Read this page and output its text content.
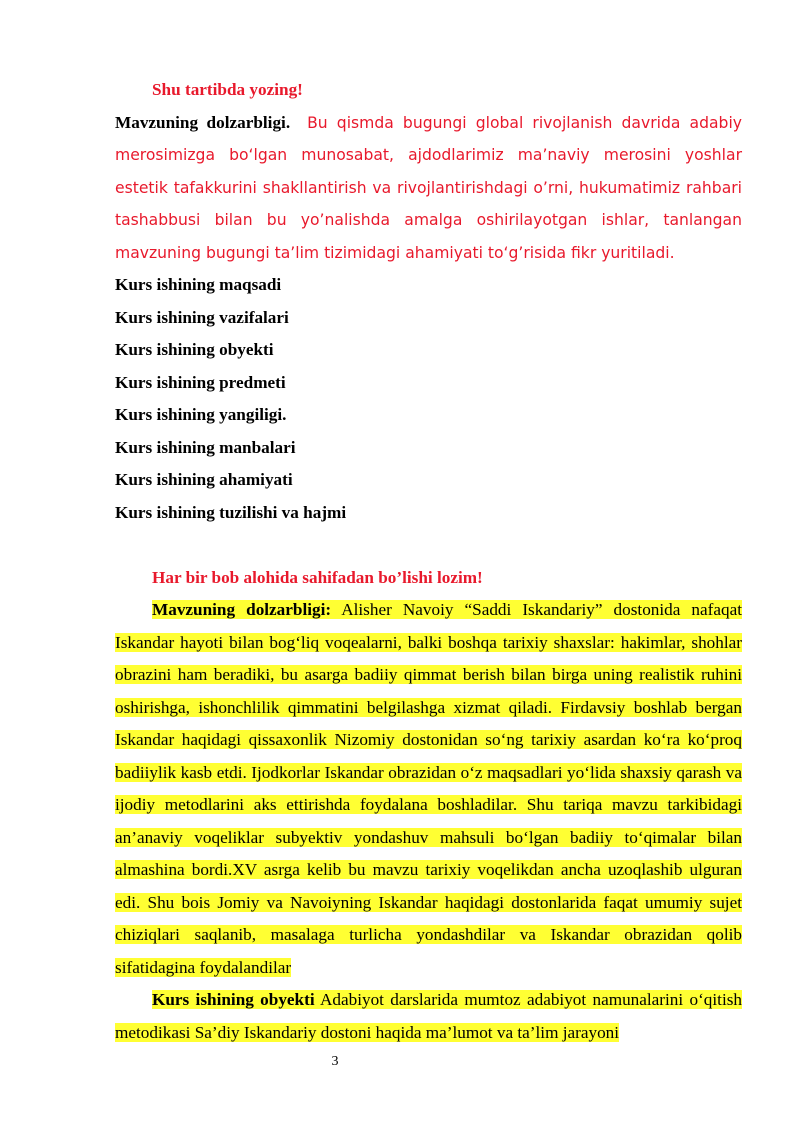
Shu tartibda yozing!

Mavzuning dolzarbligi. Bu qismda bugungi global rivojlanish davrida adabiy merosimizga bo‘lgan munosabat, ajdodlarimiz ma’naviy merosini yoshlar estetik tafakkurini shakllantirish va rivojlantirishdagi o’rni, hukumatimiz rahbari tashabbusi bilan bu yo’nalishda amalga oshirilayotgan ishlar, tanlangan mavzuning bugungi ta’lim tizimidagi ahamiyati to‘g’risida fikr yuritiladi.

Kurs ishining maqsadi

Kurs ishining vazifalari

Kurs ishining obyekti

Kurs ishining predmeti

Kurs ishining yangiligi.

Kurs ishining manbalari

Kurs ishining ahamiyati

Kurs ishining tuzilishi va hajmi

Har bir bob alohida sahifadan bo’lishi lozim!

Mavzuning dolzarbligi: Alisher Navoiy “Saddi Iskandariy” dostonida nafaqat Iskandar hayoti bilan bog‘liq voqealarni, balki boshqa tarixiy shaxslar: hakimlar, shohlar obrazini ham beradiki, bu asarga badiiy qimmat berish bilan birga uning realistik ruhini oshirishga, ishonchlilik qimmatini belgilashga xizmat qiladi. Firdavsiy boshlab bergan Iskandar haqidagi qissaxonlik Nizomiy dostonidan so‘ng tarixiy asardan ko‘ra ko‘proq badiiylik kasb etdi. Ijodkorlar Iskandar obrazidan o‘z maqsadlari yo‘lida shaxsiy qarash va ijodiy metodlarini aks ettirishda foydalana boshladilar. Shu tariqa mavzu tarkibidagi an’anaviy voqeliklar subyektiv yondashuv mahsuli bo‘lgan badiiy to‘qimalar bilan almashina bordi.XV asrga kelib bu mavzu tarixiy voqelikdan ancha uzoqlashib ulguran edi. Shu bois Jomiy va Navoiyning Iskandar haqidagi dostonlarida faqat umumiy sujet chiziqlari saqlanib, masalaga turlicha yondashdilar va Iskandar obrazidan qolib sifatidagina foydalandilar

Kurs ishining obyekti Adabiyot darslarida mumtoz adabiyot namunalarini o‘qitish metodikasi Sa’diy Iskandariy dostoni haqida ma’lumot va ta’lim jarayoni

3
